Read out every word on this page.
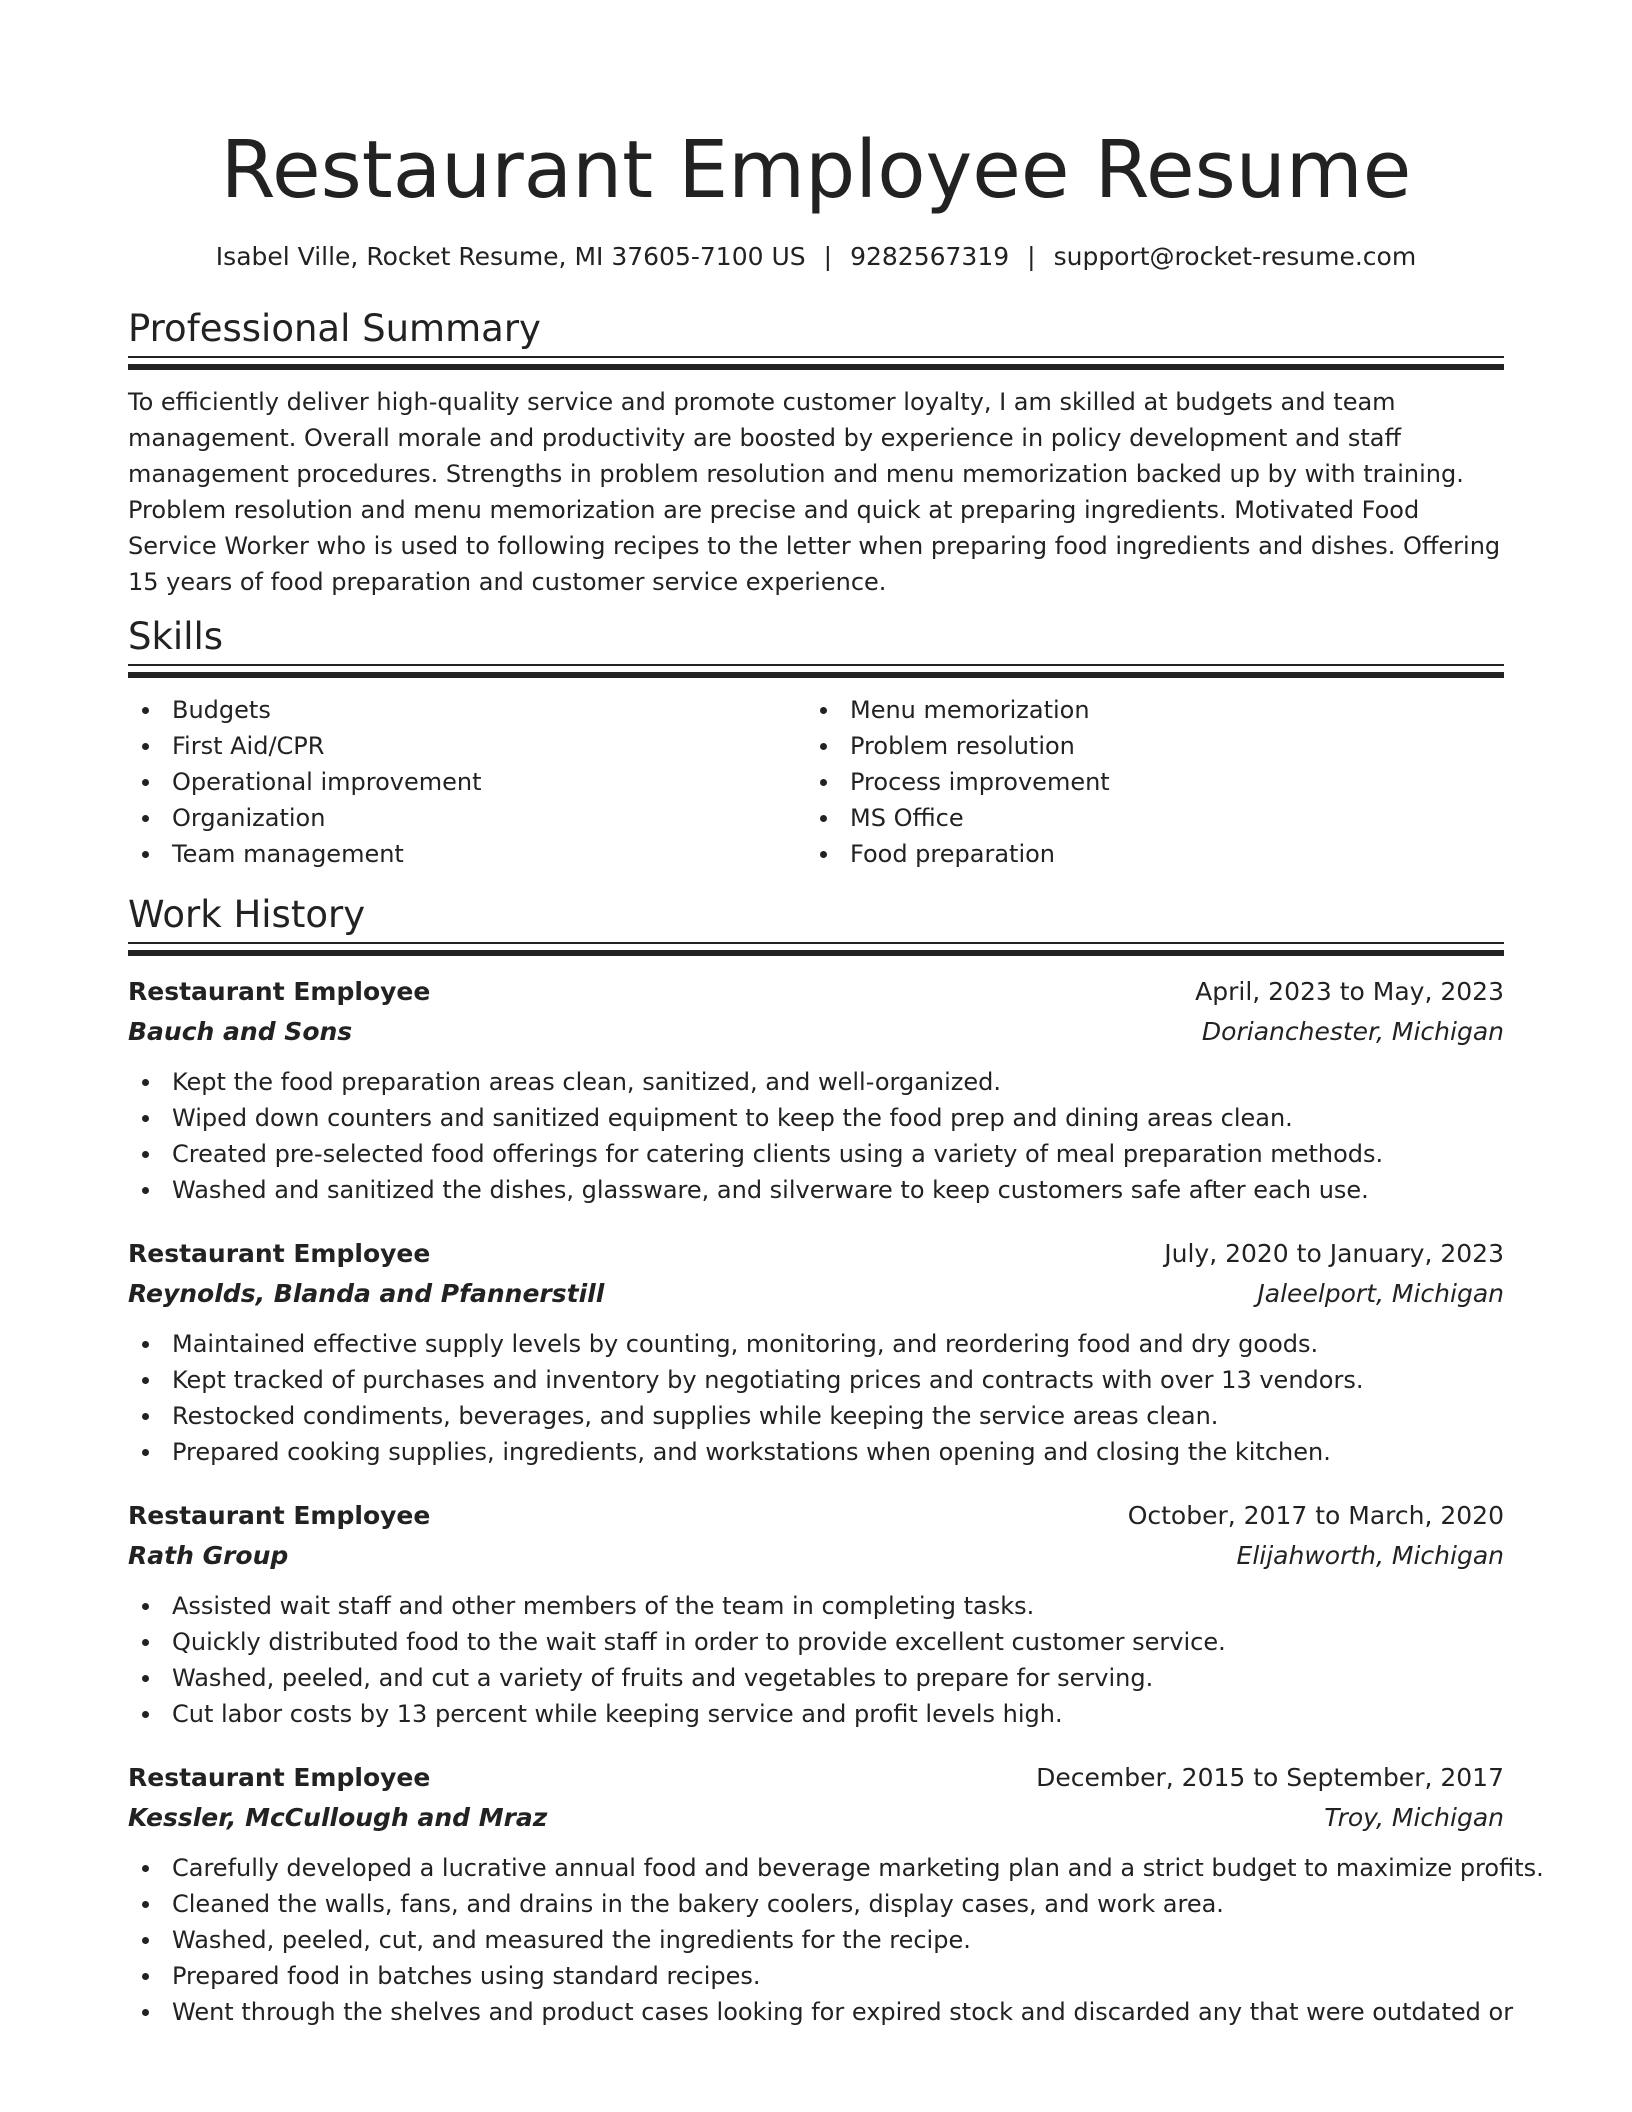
Restaurant Employee Resume
Isabel Ville, Rocket Resume, MI 37605-7100 US | 9282567319 | support@rocket-resume.com
Professional Summary

To efficiently deliver high-quality service and promote customer loyalty, I am skilled at budgets and team management. Overall morale and productivity are boosted by experience in policy development and staff management procedures. Strengths in problem resolution and menu memorization backed up by with training. Problem resolution and menu memorization are precise and quick at preparing ingredients. Motivated Food Service Worker who is used to following recipes to the letter when preparing food ingredients and dishes. Offering 15 years of food preparation and customer service experience.

Skills
Budgets
First Aid/CPR
Operational improvement
Organization
Team management
Menu memorization
Problem resolution
Process improvement
MS Office
Food preparation
Work History
Restaurant Employee	April, 2023 to May, 2023
Bauch and Sons	Dorianchester, Michigan
Kept the food preparation areas clean, sanitized, and well-organized.
Wiped down counters and sanitized equipment to keep the food prep and dining areas clean.
Created pre-selected food offerings for catering clients using a variety of meal preparation methods.
Washed and sanitized the dishes, glassware, and silverware to keep customers safe after each use.
Restaurant Employee	July, 2020 to January, 2023
Reynolds, Blanda and Pfannerstill	Jaleelport, Michigan
Maintained effective supply levels by counting, monitoring, and reordering food and dry goods.
Kept tracked of purchases and inventory by negotiating prices and contracts with over 13 vendors.
Restocked condiments, beverages, and supplies while keeping the service areas clean.
Prepared cooking supplies, ingredients, and workstations when opening and closing the kitchen.
Restaurant Employee	October, 2017 to March, 2020
Rath Group	Elijahworth, Michigan
Assisted wait staff and other members of the team in completing tasks.
Quickly distributed food to the wait staff in order to provide excellent customer service.
Washed, peeled, and cut a variety of fruits and vegetables to prepare for serving.
Cut labor costs by 13 percent while keeping service and profit levels high.
Restaurant Employee	December, 2015 to September, 2017
Kessler, McCullough and Mraz	Troy, Michigan
Carefully developed a lucrative annual food and beverage marketing plan and a strict budget to maximize profits.
Cleaned the walls, fans, and drains in the bakery coolers, display cases, and work area.
Washed, peeled, cut, and measured the ingredients for the recipe.
Prepared food in batches using standard recipes.
Went through the shelves and product cases looking for expired stock and discarded any that were outdated or
